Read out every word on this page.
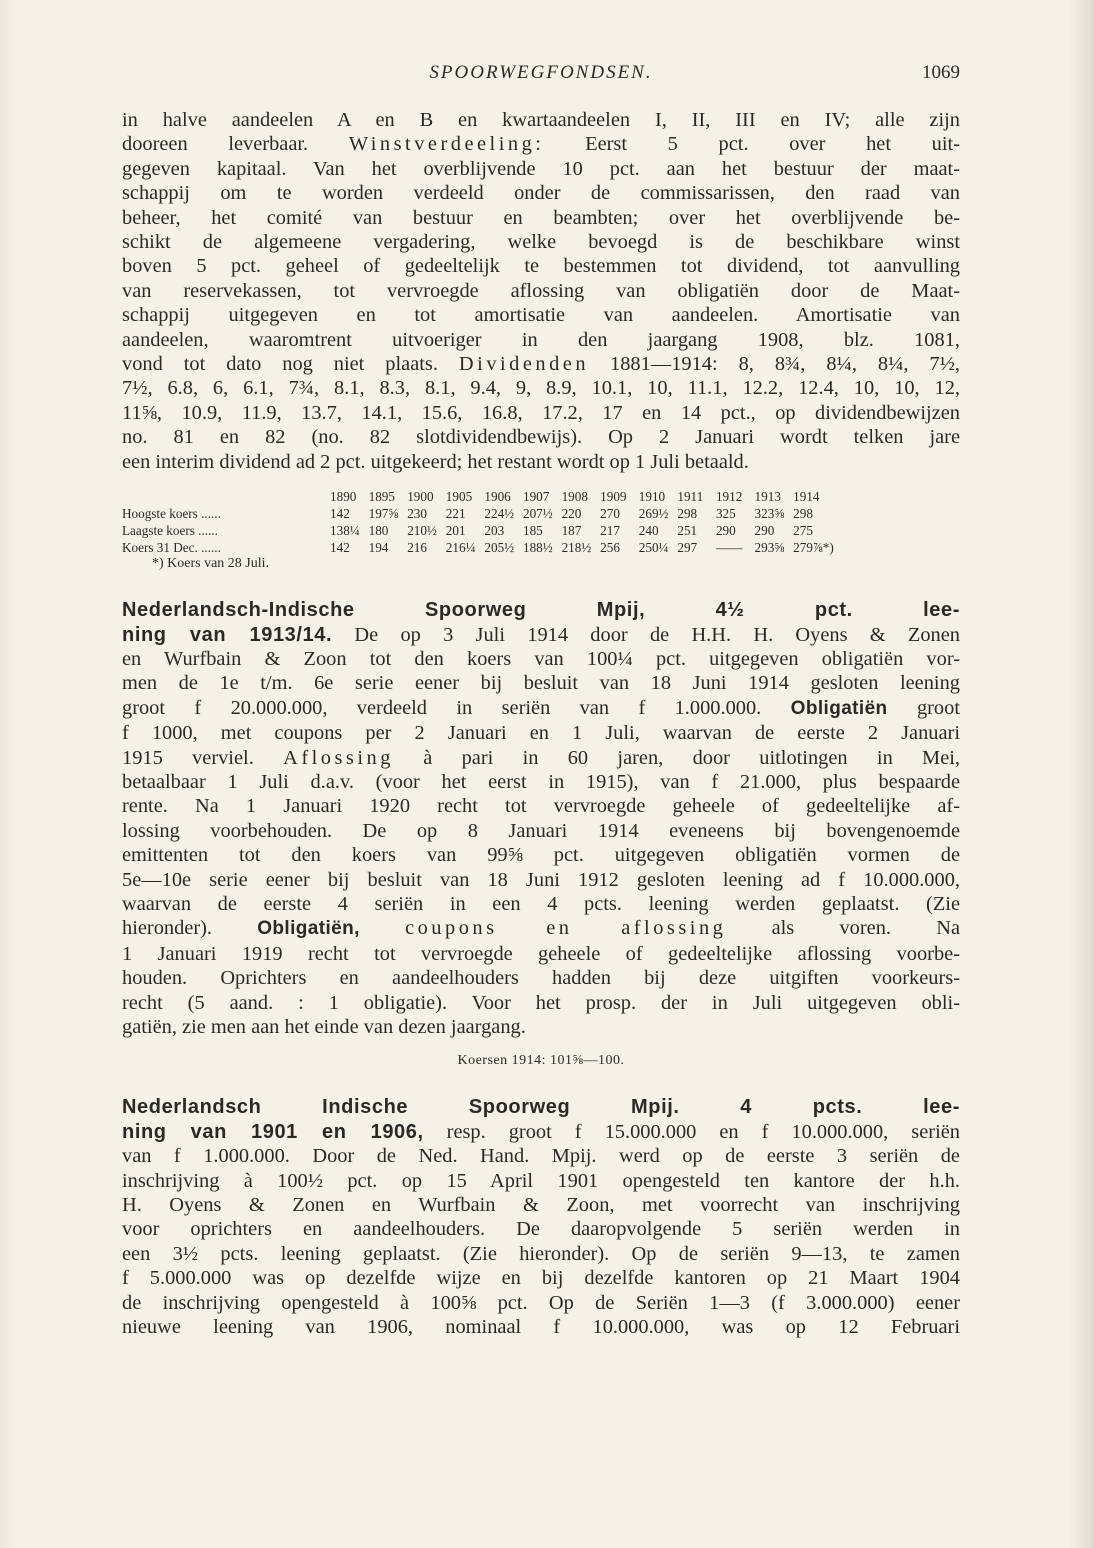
SPOORWEGFONDSEN.	1069
in halve aandeelen A en B en kwartaandeelen I, II, III en IV; alle zijn
dooreen leverbaar. Winstverdeeling: Eerst 5 pct. over het uit-
gegeven kapitaal. Van het overblijvende 10 pct. aan het bestuur der maat-
schappij om te worden verdeeld onder de commissarissen, den raad van
beheer, het comité van bestuur en beambten; over het overblijvende be-
schikt de algemeene vergadering, welke bevoegd is de beschikbare winst
boven 5 pct. geheel of gedeeltelijk te bestemmen tot dividend, tot aanvulling
van reservekassen, tot vervroegde aflossing van obligatiën door de Maat-
schappij uitgegeven en tot amortisatie van aandeelen. Amortisatie van
aandeelen, waaromtrent uitvoeriger in den jaargang 1908, blz. 1081,
vond tot dato nog niet plaats. Dividenden 1881—1914: 8, 8¾, 8¼, 8¼, 7½,
7½, 6.8, 6, 6.1, 7¾, 8.1, 8.3, 8.1, 9.4, 9, 8.9, 10.1, 10, 11.1, 12.2, 12.4, 10, 10, 12,
11⅝, 10.9, 11.9, 13.7, 14.1, 15.6, 16.8, 17.2, 17 en 14 pct., op dividendbewijzen
no. 81 en 82 (no. 82 slotdividendbewijs). Op 2 Januari wordt telken jare
een interim dividend ad 2 pct. uitgekeerd; het restant wordt op 1 Juli betaald.
	1890	1895	1900	1905	1906	1907	1908	1909	1910	1911	1912	1913	1914
Hoogste koers ......	142	197⅝	230	221	224½	207½	220	270	269½	298	325	323⅝	298
Laagste koers ......	138¼	180	210½	201	203	185	187	217	240	251	290	290	275
Koers 31 Dec. ......	142	194	216	216¼	205½	188½	218½	256	250¼	297	——	293⅝	279⅞*)
*) Koers van 28 Juli.
Nederlandsch-Indische Spoorweg Mpij, 4½ pct. lee-
ning van 1913/14. De op 3 Juli 1914 door de H.H. H. Oyens & Zonen
en Wurfbain & Zoon tot den koers van 100¼ pct. uitgegeven obligatiën vor-
men de 1e t/m. 6e serie eener bij besluit van 18 Juni 1914 gesloten leening
groot f 20.000.000, verdeeld in seriën van f 1.000.000. Obligatiën groot
f 1000, met coupons per 2 Januari en 1 Juli, waarvan de eerste 2 Januari
1915 verviel. Aflossing à pari in 60 jaren, door uitlotingen in Mei,
betaalbaar 1 Juli d.a.v. (voor het eerst in 1915), van f 21.000, plus bespaarde
rente. Na 1 Januari 1920 recht tot vervroegde geheele of gedeeltelijke af-
lossing voorbehouden. De op 8 Januari 1914 eveneens bij bovengenoemde
emittenten tot den koers van 99⅝ pct. uitgegeven obligatiën vormen de
5e—10e serie eener bij besluit van 18 Juni 1912 gesloten leening ad f 10.000.000,
waarvan de eerste 4 seriën in een 4 pcts. leening werden geplaatst. (Zie
hieronder). Obligatiën, coupons en aflossing als voren. Na
1 Januari 1919 recht tot vervroegde geheele of gedeeltelijke aflossing voorbe-
houden. Oprichters en aandeelhouders hadden bij deze uitgiften voorkeurs-
recht (5 aand. : 1 obligatie). Voor het prosp. der in Juli uitgegeven obli-
gatiën, zie men aan het einde van dezen jaargang.
Koersen 1914: 101⅝—100.
Nederlandsch Indische Spoorweg Mpij. 4 pcts. lee-
ning van 1901 en 1906, resp. groot f 15.000.000 en f 10.000.000, seriën
van f 1.000.000. Door de Ned. Hand. Mpij. werd op de eerste 3 seriën de
inschrijving à 100½ pct. op 15 April 1901 opengesteld ten kantore der h.h.
H. Oyens & Zonen en Wurfbain & Zoon, met voorrecht van inschrijving
voor oprichters en aandeelhouders. De daaropvolgende 5 seriën werden in
een 3½ pcts. leening geplaatst. (Zie hieronder). Op de seriën 9—13, te zamen
f 5.000.000 was op dezelfde wijze en bij dezelfde kantoren op 21 Maart 1904
de inschrijving opengesteld à 100⅝ pct. Op de Seriën 1—3 (f 3.000.000) eener
nieuwe leening van 1906, nominaal f 10.000.000, was op 12 Februari
